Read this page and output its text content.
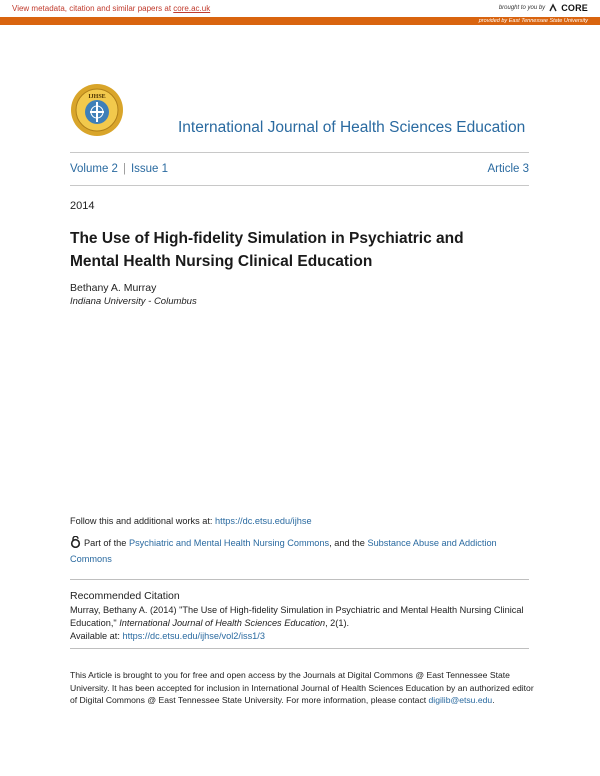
View metadata, citation and similar papers at core.ac.uk	brought to you by CORE
provided by East Tennessee State University
IJHSE
International Journal of Health Sciences Education
Volume 2 | Issue 1	Article 3
2014
The Use of High-fidelity Simulation in Psychiatric and Mental Health Nursing Clinical Education
Bethany A. Murray
Indiana University - Columbus
Follow this and additional works at: https://dc.etsu.edu/ijhse
Part of the Psychiatric and Mental Health Nursing Commons, and the Substance Abuse and Addiction Commons
Recommended Citation
Murray, Bethany A. (2014) "The Use of High-fidelity Simulation in Psychiatric and Mental Health Nursing Clinical Education," International Journal of Health Sciences Education, 2(1).
Available at: https://dc.etsu.edu/ijhse/vol2/iss1/3
This Article is brought to you for free and open access by the Journals at Digital Commons @ East Tennessee State University. It has been accepted for inclusion in International Journal of Health Sciences Education by an authorized editor of Digital Commons @ East Tennessee State University. For more information, please contact digilib@etsu.edu.
